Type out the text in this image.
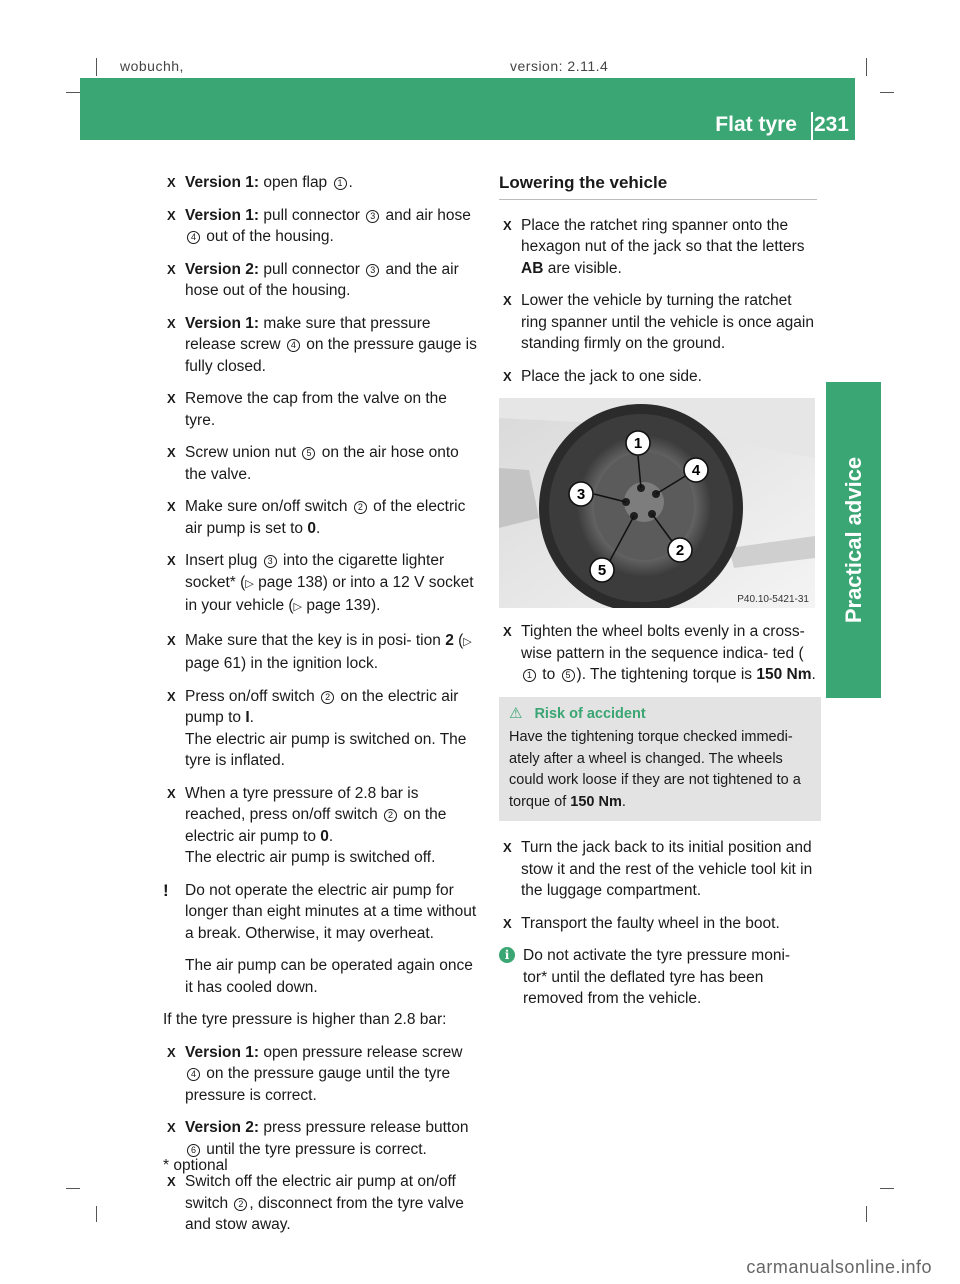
wobuchh,	version: 2.11.4
Flat tyre 231
Practical advice
X Version 1: open flap 1 .
X Version 1: pull connector 3 and air hose 4 out of the housing.
X Version 2: pull connector 3 and the air hose out of the housing.
X Version 1: make sure that pressure release screw 4 on the pressure gauge is fully closed.
X Remove the cap from the valve on the tyre.
X Screw union nut 5 on the air hose onto the valve.
X Make sure on/off switch 2 of the electric air pump is set to 0.
X Insert plug 3 into the cigarette lighter socket* (▷ page 138) or into a 12 V socket in your vehicle (▷ page 139).
X Make sure that the key is in posi- tion 2 (▷ page 61) in the ignition lock.
X Press on/off switch 2 on the electric air pump to I.
The electric air pump is switched on. The tyre is inflated.
X When a tyre pressure of 2.8 bar is reached, press on/off switch 2 on the electric air pump to 0.
The electric air pump is switched off.
! Do not operate the electric air pump for longer than eight minutes at a time without a break. Otherwise, it may overheat.
The air pump can be operated again once it has cooled down.
If the tyre pressure is higher than 2.8 bar:
X Version 1: open pressure release screw 4 on the pressure gauge until the tyre pressure is correct.
X Version 2: press pressure release button 6 until the tyre pressure is correct.
X Switch off the electric air pump at on/off switch 2 , disconnect from the tyre valve and stow away.
Lowering the vehicle
X Place the ratchet ring spanner onto the hexagon nut of the jack so that the letters AB are visible.
X Lower the vehicle by turning the ratchet ring spanner until the vehicle is once again standing firmly on the ground.
X Place the jack to one side.
1
4
3
2
5
P40.10-5421-31
X Tighten the wheel bolts evenly in a cross- wise pattern in the sequence indica- ted (1 to 5 ). The tightening torque is 150 Nm.
⚠ Risk of accident
Have the tightening torque checked immedi- ately after a wheel is changed. The wheels could work loose if they are not tightened to a torque of 150 Nm.
X Turn the jack back to its initial position and stow it and the rest of the vehicle tool kit in the luggage compartment.
X Transport the faulty wheel in the boot.
i Do not activate the tyre pressure moni- tor* until the deflated tyre has been removed from the vehicle.
* optional
carmanualsonline.info
